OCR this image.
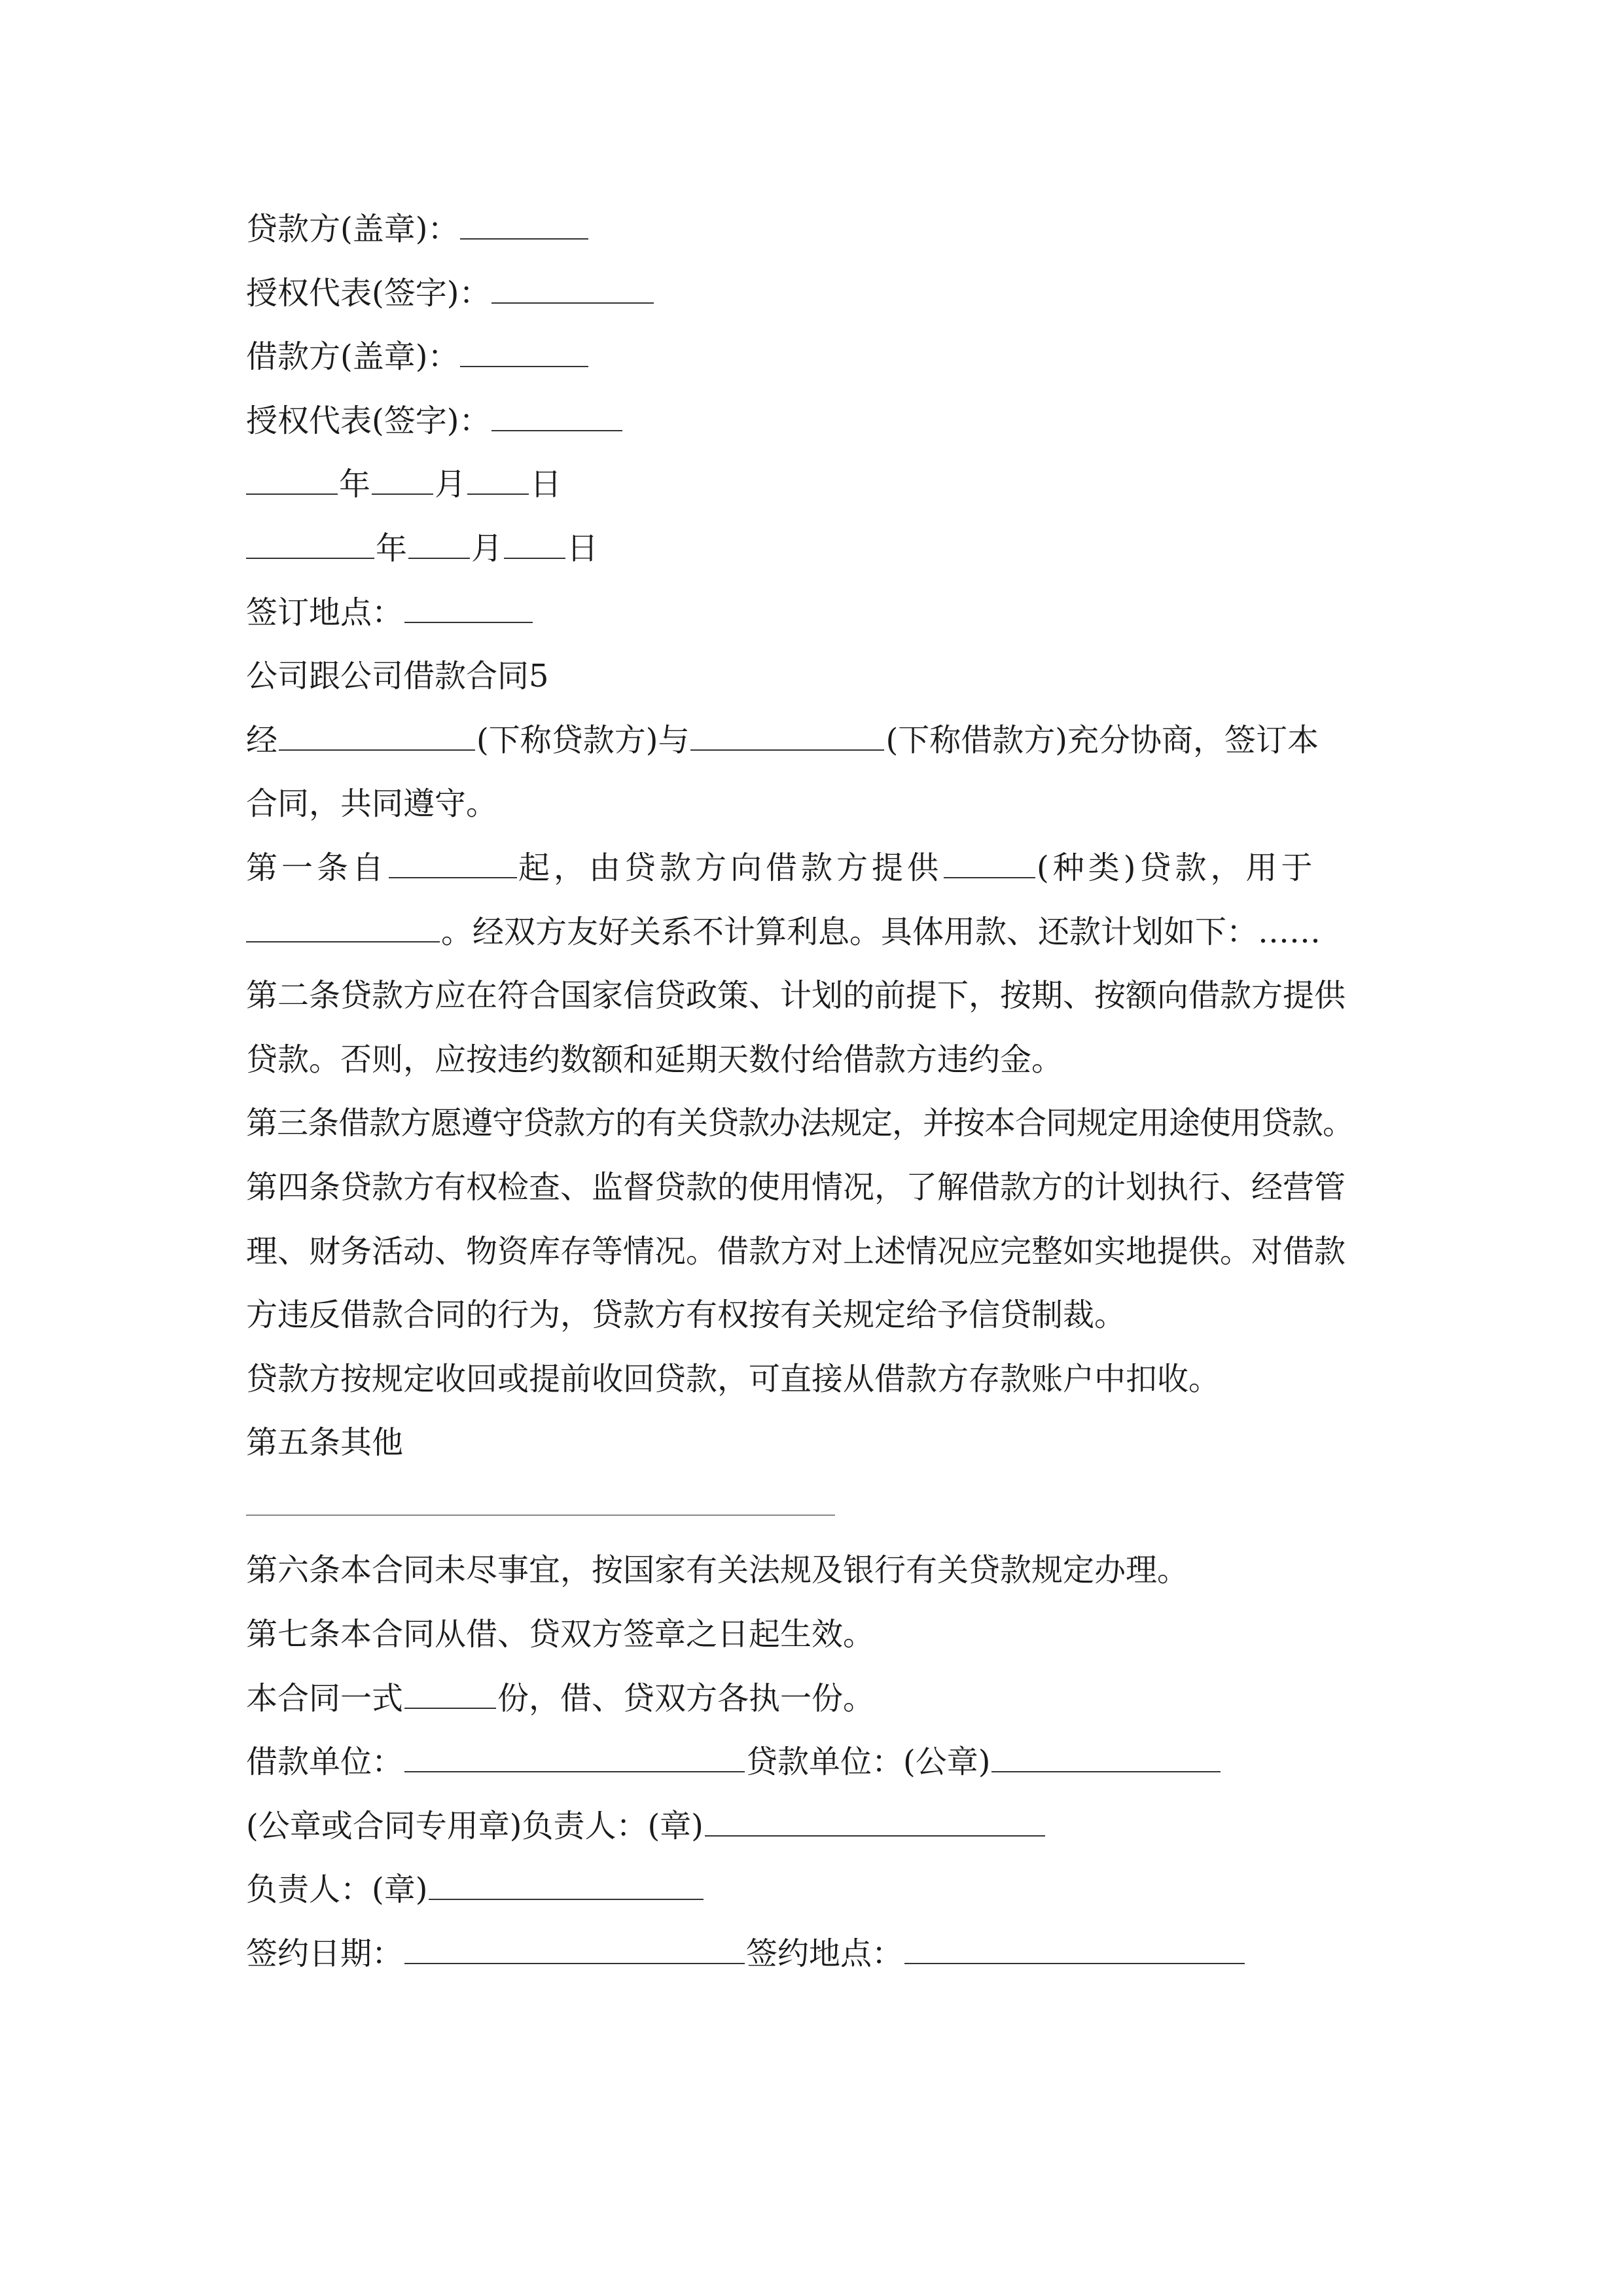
贷款方(盖章)：
授权代表(签字)：
借款方(盖章)：
授权代表(签字)：
年 月 日
年 月 日
签订地点：
公司跟公司借款合同5
经	(下称贷款方)与	(下称借款方)充分协商，签订本
合同，共同遵守。
第一条自	起，由贷款方向借款方提供	(种类)贷款，用于
。经双方友好关系不计算利息。具体用款、还款计划如下：……
第二条贷款方应在符合国家信贷政策、计划的前提下，按期、按额向借款方提供
贷款。否则，应按违约数额和延期天数付给借款方违约金。
第三条借款方愿遵守贷款方的有关贷款办法规定，并按本合同规定用途使用贷款。
第四条贷款方有权检查、监督贷款的使用情况，了解借款方的计划执行、经营管
理、财务活动、物资库存等情况。借款方对上述情况应完整如实地提供。对借款
方违反借款合同的行为，贷款方有权按有关规定给予信贷制裁。
贷款方按规定收回或提前收回贷款，可直接从借款方存款账户中扣收。
第五条其他
第六条本合同未尽事宜，按国家有关法规及银行有关贷款规定办理。
第七条本合同从借、贷双方签章之日起生效。
本合同一式	份，借、贷双方各执一份。
借款单位：	贷款单位：(公章)
(公章或合同专用章)负责人：(章)
负责人：(章)
签约日期：	签约地点：
